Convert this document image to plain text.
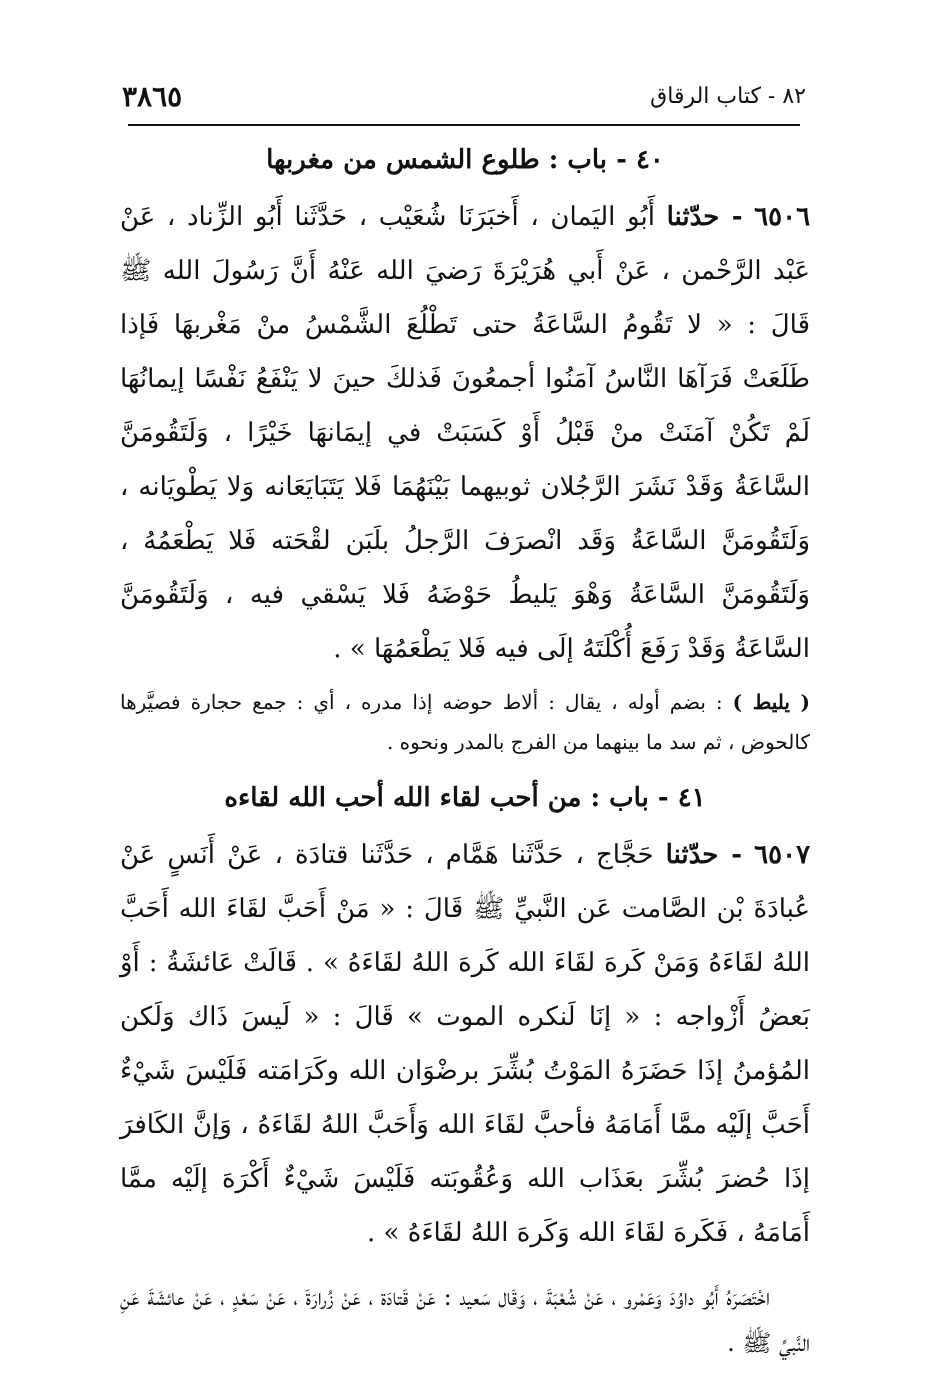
٣٨٦٥	٨٢ - كتاب الرقاق
٤٠ - باب : طلوع الشمس من مغربها

٦٥٠٦ - حدّثنا أَبُو اليَمان ، أَخبَرَنَا شُعَيْب ، حَدَّثَنا أَبُو الزِّناد ، عَنْ عَبْد الرَّحْمن ، عَنْ أَبي هُرَيْرَةَ رَضيَ الله عَنْهُ أَنَّ رَسُولَ الله ﷺ قَالَ : « لا تَقُومُ السَّاعَةُ حتى تَطْلُعَ الشَّمْسُ منْ مَغْربهَا فَإذا طَلَعَتْ فَرَآهَا النَّاسُ آمَنُوا أجمعُونَ فَذلكَ حينَ لا يَنْفَعُ نَفْسًا إيمانُهَا لَمْ تَكُنْ آمَنَتْ منْ قَبْلُ أَوْ كَسَبَتْ في إيمَانهَا خَيْرًا ، وَلَتَقُومَنَّ السَّاعَةُ وَقَدْ نَشَرَ الرَّجُلان ثوبيهما بَيْنَهُمَا فَلا يَتَبَايَعَانه وَلا يَطْويَانه ، وَلَتَقُومَنَّ السَّاعَةُ وَقَد انْصرَفَ الرَّجلُ بلَبَن لقْحَته فَلا يَطْعَمُهُ ، وَلَتَقُومَنَّ السَّاعَةُ وَهْوَ يَليطُ حَوْضَهُ فَلا يَسْقي فيه ، وَلَتَقُومَنَّ السَّاعَةُ وَقَدْ رَفَعَ أُكْلَتَهُ إلَى فيه فَلا يَطْعَمُهَا » .

( يليط ) : بضم أوله ، يقال : ألاط حوضه إذا مدره ، أي : جمع حجارة فصيَّرها كالحوض ، ثم سد ما بينهما من الفرج بالمدر ونحوه .

٤١ - باب : من أحب لقاء الله أحب الله لقاءه

٦٥٠٧ - حدّثنا حَجَّاج ، حَدَّثَنا هَمَّام ، حَدَّثَنا قتادَة ، عَنْ أَنَسٍ عَنْ عُبادَةَ بْن الصَّامت عَن النَّبيِّ ﷺ قَالَ : « مَنْ أَحَبَّ لقَاءَ الله أَحَبَّ اللهُ لقَاءَهُ وَمَنْ كَرهَ لقَاءَ الله كَرهَ اللهُ لقَاءَهُ » . قَالَتْ عَائشَةُ : أَوْ بَعضُ أَزْواجه : « إنَا لَنكره الموت » قَالَ : « لَيسَ ذَاك وَلَكن المُؤمنُ إذَا حَضَرَهُ المَوْتُ بُشِّرَ برضْوَان الله وكَرَامَته فَلَيْسَ شَيْءٌ أَحَبَّ إلَيْه ممَّا أَمَامَهُ فأحبَّ لقَاءَ الله وَأَحَبَّ اللهُ لقَاءَهُ ، وَإنَّ الكَافرَ إذَا حُضرَ بُشِّرَ بعَذَاب الله وَعُقُوبَته فَلَيْسَ شَيْءٌ أَكْرَهَ إلَيْه ممَّا أَمَامَهُ ، فَكَرهَ لقَاءَ الله وَكَرهَ اللهُ لقَاءَهُ » .

اخْتَصَرَهُ أَبُو داوُدَ وَعَمْرو ، عَنْ شُعْبَةَ ، وَقَال سَعيد : عَنْ قَتادَة ، عَنْ زُرارَةَ ، عَنْ سَعْدٍ ، عَنْ عائشَةَ عَنِ النَّبيِّ ﷺ .
